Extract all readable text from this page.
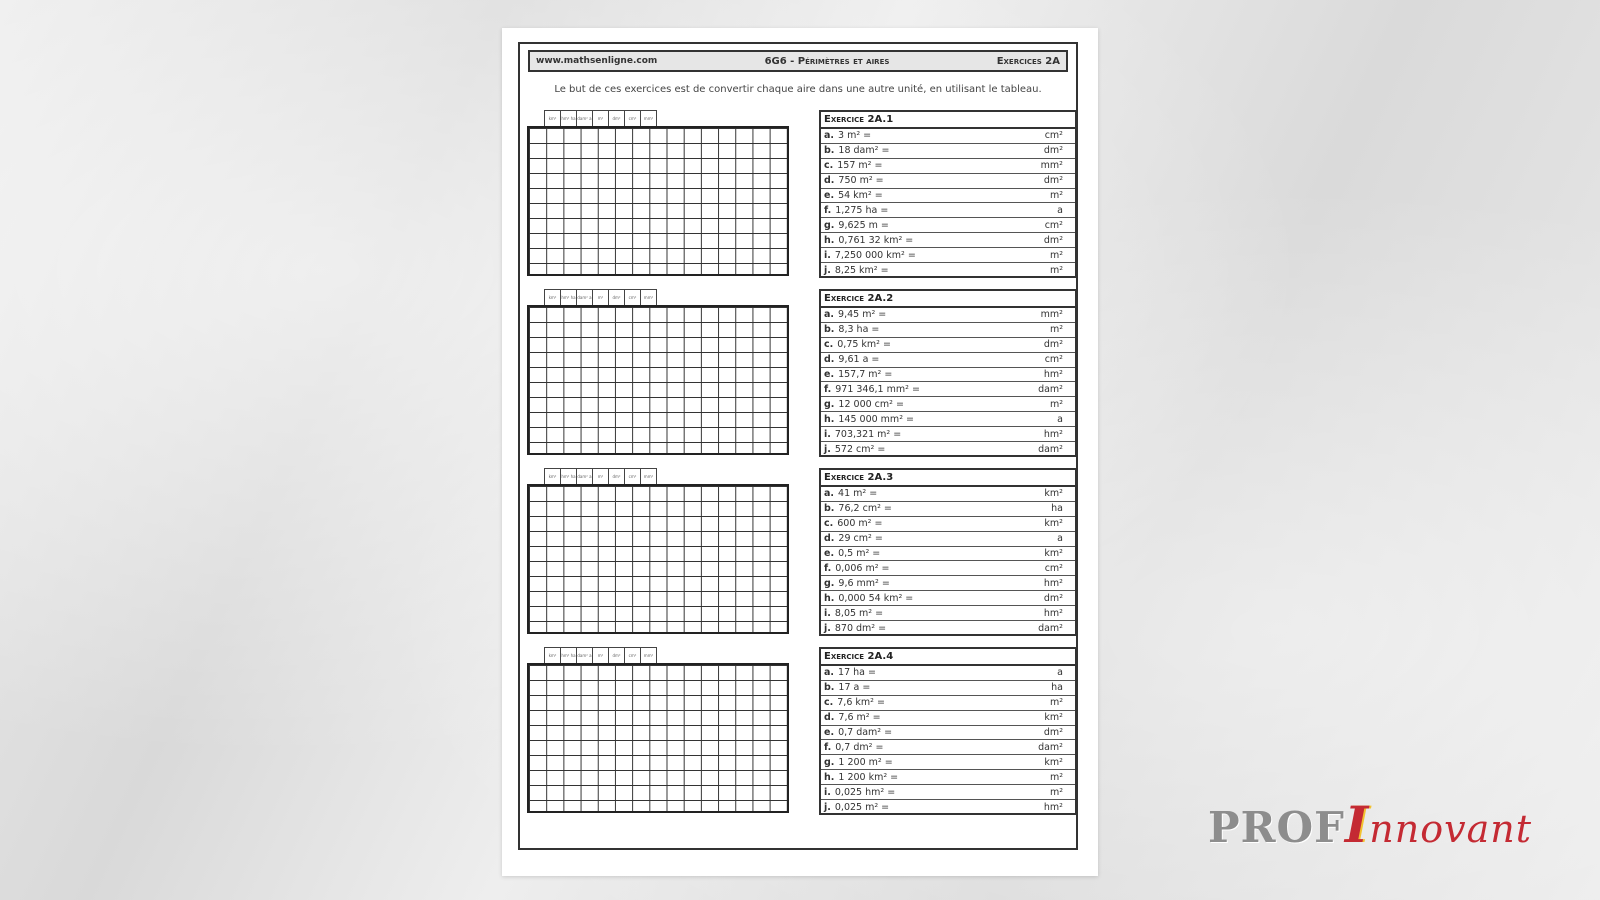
www.mathsenligne.com	6G6 - Périmètres et aires	Exercices 2A
Le but de ces exercices est de convertir chaque aire dans une autre unité, en utilisant le tableau.
km²	hm² ha dam² a	m²	dm²	cm²	mm²	Exercice 2A.1
a. 3 m² =	cm²
b. 18 dam² =	dm²
c. 157 m² =	mm²
d. 750 m² =	dm²
e. 54 km² =	m²
f. 1,275 ha =	a
g. 9,625 m =	cm²
h. 0,761 32 km² =	dm²
i. 7,250 000 km² =	m²
j. 8,25 km² =	m²
km²	hm² ha dam² a	m²	dm²	cm²	mm²	Exercice 2A.2
a. 9,45 m² =	mm²
b. 8,3 ha =	m²
c. 0,75 km² =	dm²
d. 9,61 a =	cm²
e. 157,7 m² =	hm²
f. 971 346,1 mm² =	dam²
g. 12 000 cm² =	m²
h. 145 000 mm² =	a
i. 703,321 m² =	hm²
j. 572 cm² =	dam²
km²	hm² ha dam² a	m²	dm²	cm²	mm²	Exercice 2A.3
a. 41 m² =	km²
b. 76,2 cm² =	ha
c. 600 m² =	km²
d. 29 cm² =	a
e. 0,5 m² =	km²
f. 0,006 m² =	cm²
g. 9,6 mm² =	hm²
h. 0,000 54 km² =	dm²
i. 8,05 m² =	hm²
j. 870 dm² =	dam²
km²	hm² ha dam² a	m²	dm²	cm²	mm²	Exercice 2A.4
a. 17 ha =	a
b. 17 a =	ha
c. 7,6 km² =	m²
d. 7,6 m² =	km²
e. 0,7 dam² =	dm²
f. 0,7 dm² =	dam²
g. 1 200 m² =	km²
h. 1 200 km² =	m²
i. 0,025 hm² =	m²
j. 0,025 m² =	hm²	PROFInnovant
